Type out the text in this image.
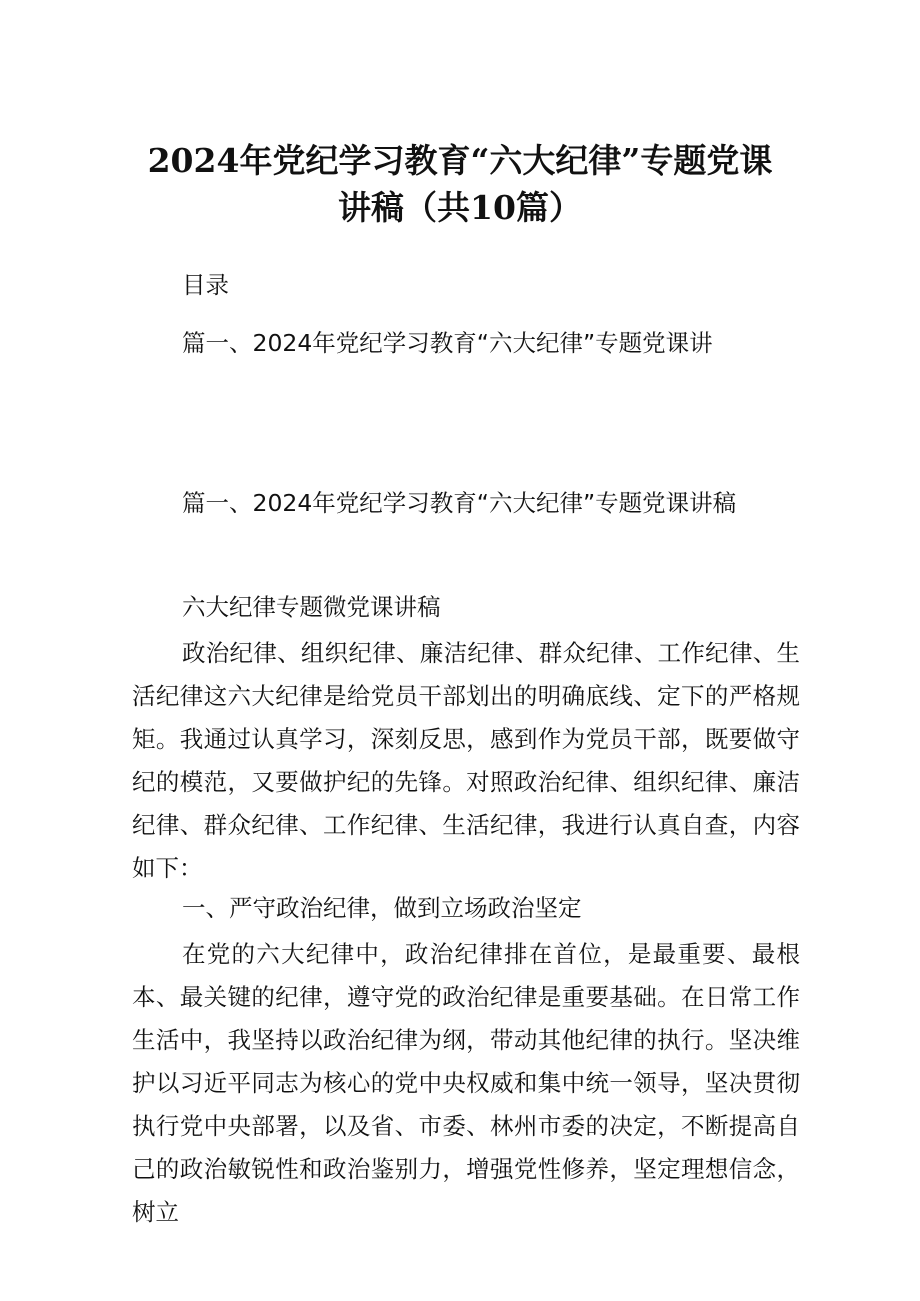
2024年党纪学习教育“六大纪律”专题党课
讲稿（共10篇）

目录

篇一、2024年党纪学习教育“六大纪律”专题党课讲

篇一、2024年党纪学习教育“六大纪律”专题党课讲稿

六大纪律专题微党课讲稿

政治纪律、组织纪律、廉洁纪律、群众纪律、工作纪律、生活纪律这六大纪律是给党员干部划出的明确底线、定下的严格规矩。我通过认真学习，深刻反思，感到作为党员干部，既要做守纪的模范，又要做护纪的先锋。对照政治纪律、组织纪律、廉洁纪律、群众纪律、工作纪律、生活纪律，我进行认真自查，内容如下：

一、严守政治纪律，做到立场政治坚定

在党的六大纪律中，政治纪律排在首位，是最重要、最根本、最关键的纪律，遵守党的政治纪律是重要基础。在日常工作生活中，我坚持以政治纪律为纲，带动其他纪律的执行。坚决维护以习近平同志为核心的党中央权威和集中统一领导，坚决贯彻执行党中央部署，以及省、市委、林州市委的决定，不断提高自己的政治敏锐性和政治鉴别力，增强党性修养，坚定理想信念，树立
